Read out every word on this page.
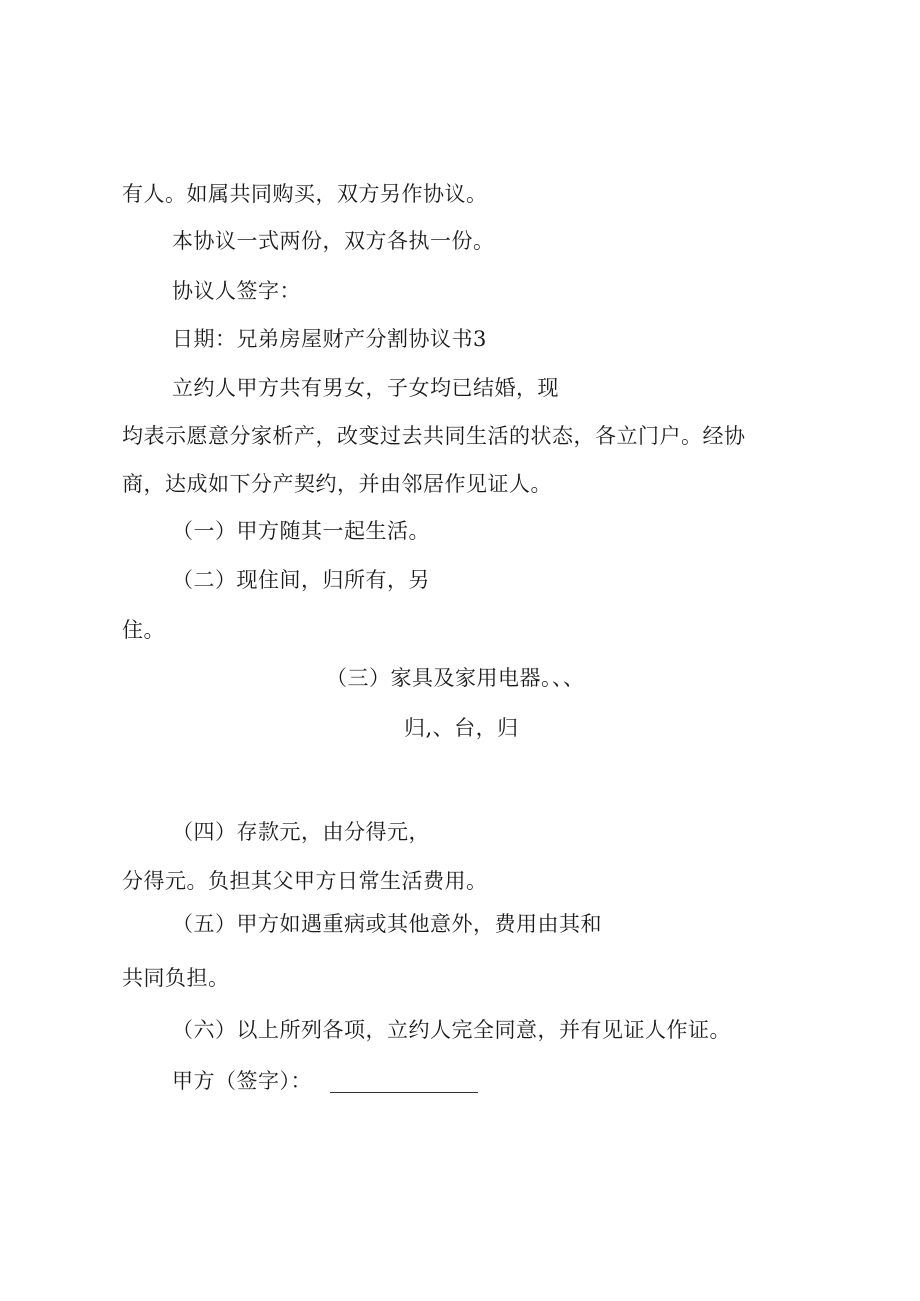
有人。如属共同购买，双方另作协议。
本协议一式两份，双方各执一份。
协议人签字：
日期：兄弟房屋财产分割协议书3
立约人甲方共有男女，子女均已结婚，现
均表示愿意分家析产，改变过去共同生活的状态，各立门户。经协
商，达成如下分产契约，并由邻居作见证人。
（一）甲方随其一起生活。
（二）现住间，归所有，另
住。
（三）家具及家用电器。、、
归,、台，归
（四）存款元，由分得元，
分得元。负担其父甲方日常生活费用。
（五）甲方如遇重病或其他意外，费用由其和
共同负担。
（六）以上所列各项，立约人完全同意，并有见证人作证。
甲方（签字）：
